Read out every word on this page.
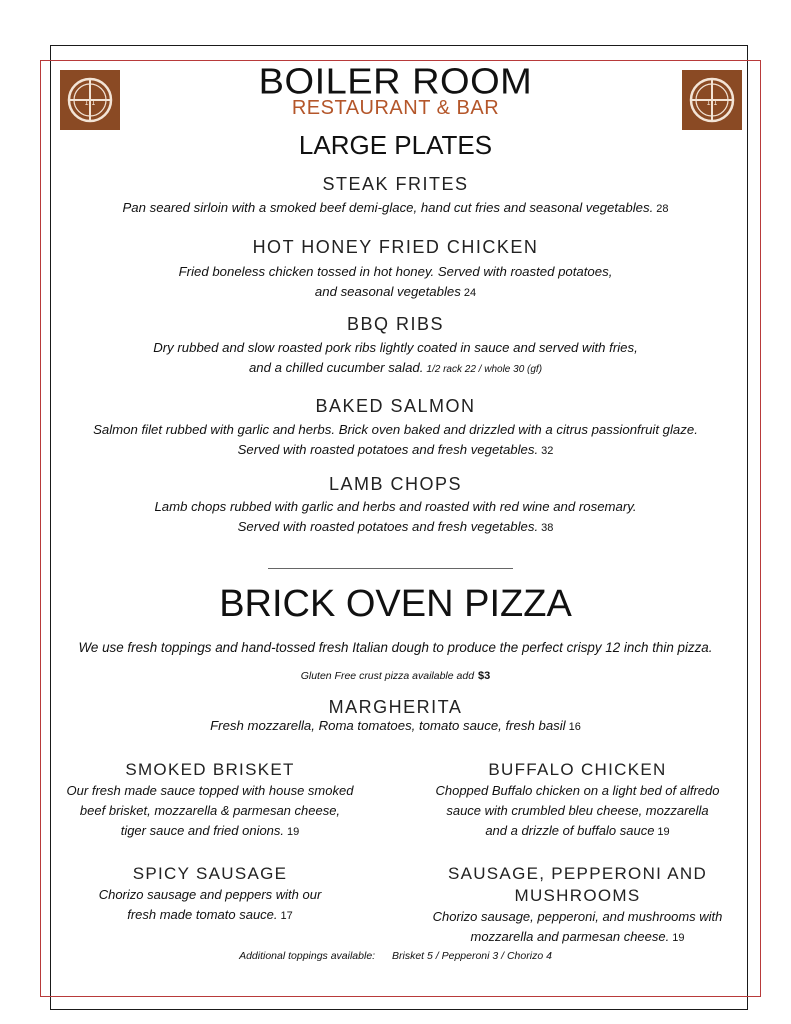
1 1	1 1
BOILER ROOM
RESTAURANT & BAR
LARGE PLATES
STEAK FRITES
Pan seared sirloin with a smoked beef demi-glace, hand cut fries and seasonal vegetables. 28
HOT HONEY FRIED CHICKEN
Fried boneless chicken tossed in hot honey. Served with roasted potatoes,
and seasonal vegetables 24
BBQ RIBS
Dry rubbed and slow roasted pork ribs lightly coated in sauce and served with fries,
and a chilled cucumber salad. 1/2 rack 22 / whole 30 (gf)
BAKED SALMON
Salmon filet rubbed with garlic and herbs. Brick oven baked and drizzled with a citrus passionfruit glaze.
Served with roasted potatoes and fresh vegetables. 32
LAMB CHOPS
Lamb chops rubbed with garlic and herbs and roasted with red wine and rosemary.
Served with roasted potatoes and fresh vegetables. 38
BRICK OVEN PIZZA
We use fresh toppings and hand-tossed fresh Italian dough to produce the perfect crispy 12 inch thin pizza.
Gluten Free crust pizza available add $3
MARGHERITA
Fresh mozzarella, Roma tomatoes, tomato sauce, fresh basil 16
SMOKED BRISKET
Our fresh made sauce topped with house smoked
beef brisket, mozzarella & parmesan cheese,
tiger sauce and fried onions. 19
BUFFALO CHICKEN
Chopped Buffalo chicken on a light bed of alfredo
sauce with crumbled bleu cheese, mozzarella
and a drizzle of buffalo sauce 19
SPICY SAUSAGE
Chorizo sausage and peppers with our
fresh made tomato sauce. 17
SAUSAGE, PEPPERONI AND MUSHROOMS
Chorizo sausage, pepperoni, and mushrooms with
mozzarella and parmesan cheese. 19
Additional toppings available: Brisket 5 / Pepperoni 3 / Chorizo 4
